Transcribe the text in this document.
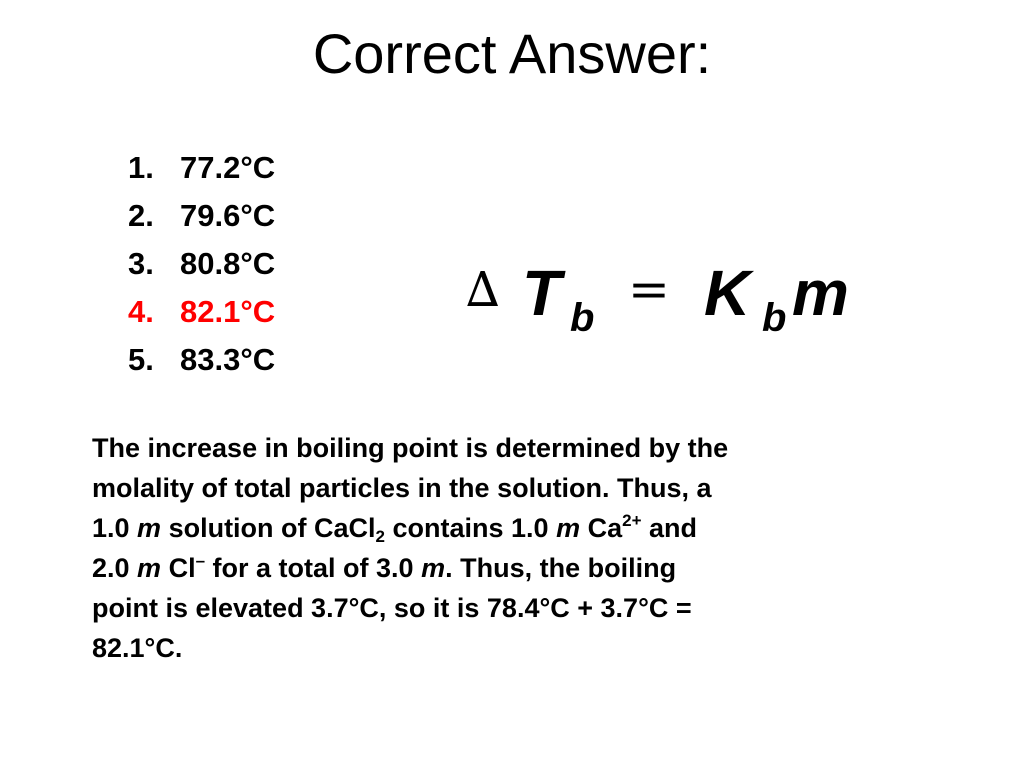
Correct Answer:
1. 77.2°C
2. 79.6°C
3. 80.8°C
4. 82.1°C
5. 83.3°C
∆ T b = K b m
The increase in boiling point is determined by the
molality of total particles in the solution. Thus, a
1.0 m solution of CaCl$_2$ contains 1.0 m $Ca^{2+}$ and
2.0 m Cl– for a total of 3.0 m. Thus, the boiling
point is elevated 3.7°C, so it is 78.4°C + 3.7°C =
82.1°C.
